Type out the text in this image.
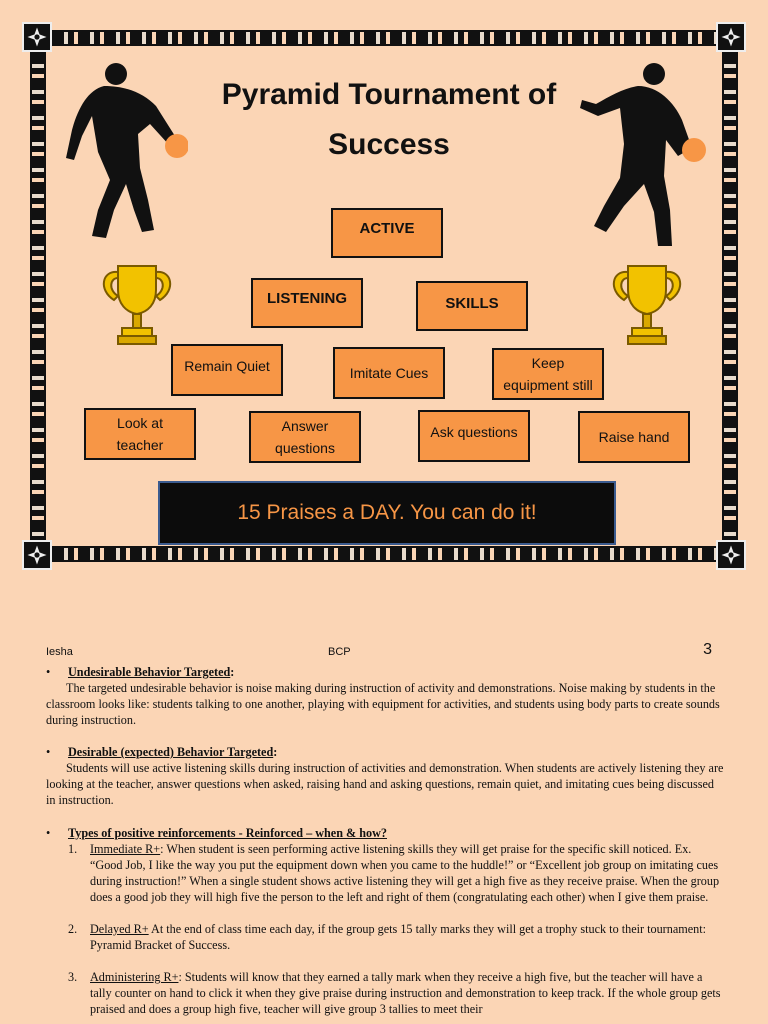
Pyramid Tournament of
Success
ACTIVE
LISTENING	SKILLS
Remain Quiet	Imitate Cues
Keep equipment still
Look at teacher
Answer questions
Ask questions	Raise hand
15 Praises a DAY. You can do it!
Iesha	BCP	3

• Undesirable Behavior Targeted:

The targeted undesirable behavior is noise making during instruction of activity and demonstrations. Noise making by students in the classroom looks like: students talking to one another, playing with equipment for activities, and students using body parts to create sounds during instruction.

• Desirable (expected) Behavior Targeted:

Students will use active listening skills during instruction of activities and demonstration. When students are actively listening they are looking at the teacher, answer questions when asked, raising hand and asking questions, remain quiet, and imitating cues being discussed in instruction.

• Types of positive reinforcements - Reinforced – when & how?

1. Immediate R+: When student is seen performing active listening skills they will get praise for the specific skill noticed. Ex. “Good Job, I like the way you put the equipment down when you came to the huddle!” or “Excellent job group on imitating cues during instruction!” When a single student shows active listening they will get a high five as they receive praise. When the group does a good job they will high five the person to the left and right of them (congratulating each other) when I give them praise.

2. Delayed R+ At the end of class time each day, if the group gets 15 tally marks they will get a trophy stuck to their tournament: Pyramid Bracket of Success.

3. Administering R+: Students will know that they earned a tally mark when they receive a high five, but the teacher will have a tally counter on hand to click it when they give praise during instruction and demonstration to keep track. If the whole group gets praised and does a group high five, teacher will give group 3 tallies to meet their
